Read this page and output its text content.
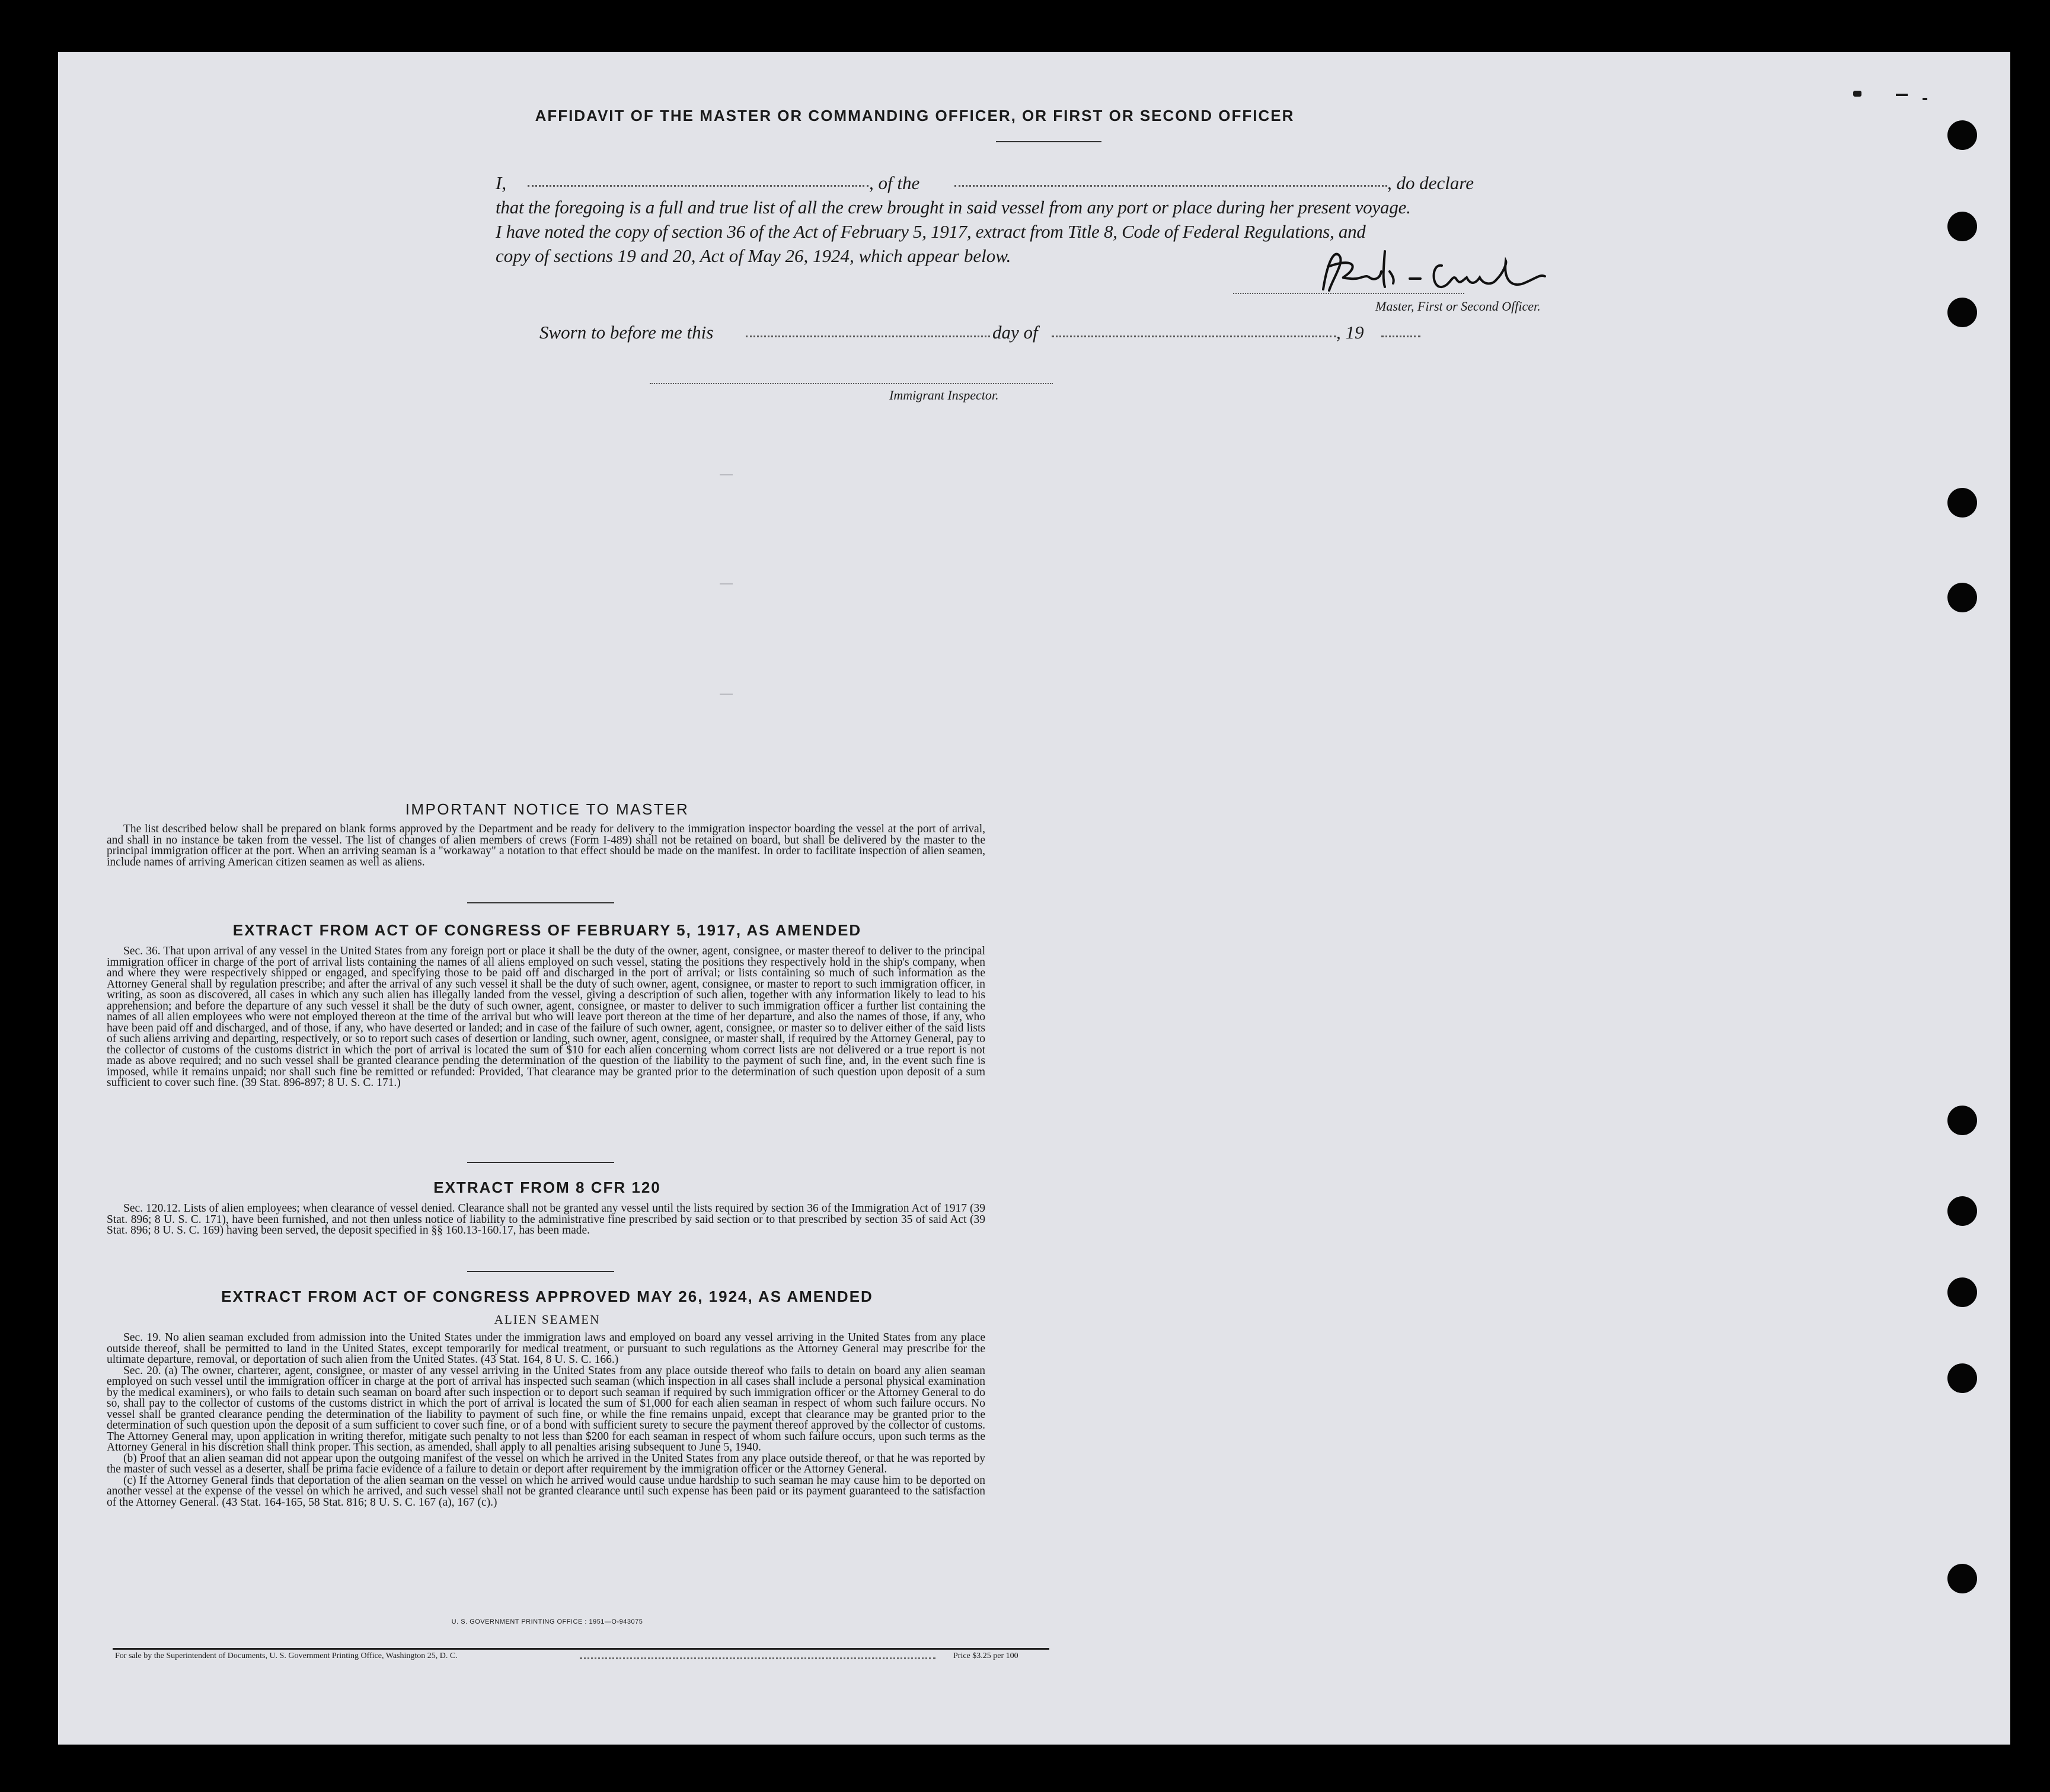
AFFIDAVIT OF THE MASTER OR COMMANDING OFFICER, OR FIRST OR SECOND OFFICER
I,	, of the	, do declare
that the foregoing is a full and true list of all the crew brought in said vessel from any port or place during her present voyage.
I have noted the copy of section 36 of the Act of February 5, 1917, extract from Title 8, Code of Federal Regulations, and
copy of sections 19 and 20, Act of May 26, 1924, which appear below.
Master, First or Second Officer.
Sworn to before me this	day of	, 19
Immigrant Inspector.
IMPORTANT NOTICE TO MASTER

The list described below shall be prepared on blank forms approved by the Department and be ready for delivery to the immigration inspector boarding the vessel at the port of arrival, and shall in no instance be taken from the vessel. The list of changes of alien members of crews (Form I-489) shall not be retained on board, but shall be delivered by the master to the principal immigration officer at the port. When an arriving seaman is a "workaway" a notation to that effect should be made on the manifest. In order to facilitate inspection of alien seamen, include names of arriving American citizen seamen as well as aliens.

EXTRACT FROM ACT OF CONGRESS OF FEBRUARY 5, 1917, AS AMENDED

Sec. 36. That upon arrival of any vessel in the United States from any foreign port or place it shall be the duty of the owner, agent, consignee, or master thereof to deliver to the principal immigration officer in charge of the port of arrival lists containing the names of all aliens employed on such vessel, stating the positions they respectively hold in the ship's company, when and where they were respectively shipped or engaged, and specifying those to be paid off and discharged in the port of arrival; or lists containing so much of such information as the Attorney General shall by regulation prescribe; and after the arrival of any such vessel it shall be the duty of such owner, agent, consignee, or master to report to such immigration officer, in writing, as soon as discovered, all cases in which any such alien has illegally landed from the vessel, giving a description of such alien, together with any information likely to lead to his apprehension; and before the departure of any such vessel it shall be the duty of such owner, agent, consignee, or master to deliver to such immigration officer a further list containing the names of all alien employees who were not employed thereon at the time of the arrival but who will leave port thereon at the time of her departure, and also the names of those, if any, who have been paid off and discharged, and of those, if any, who have deserted or landed; and in case of the failure of such owner, agent, consignee, or master so to deliver either of the said lists of such aliens arriving and departing, respectively, or so to report such cases of desertion or landing, such owner, agent, consignee, or master shall, if required by the Attorney General, pay to the collector of customs of the customs district in which the port of arrival is located the sum of $10 for each alien concerning whom correct lists are not delivered or a true report is not made as above required; and no such vessel shall be granted clearance pending the determination of the question of the liability to the payment of such fine, and, in the event such fine is imposed, while it remains unpaid; nor shall such fine be remitted or refunded: Provided, That clearance may be granted prior to the determination of such question upon deposit of a sum sufficient to cover such fine. (39 Stat. 896-897; 8 U. S. C. 171.)

EXTRACT FROM 8 CFR 120

Sec. 120.12. Lists of alien employees; when clearance of vessel denied. Clearance shall not be granted any vessel until the lists required by section 36 of the Immigration Act of 1917 (39 Stat. 896; 8 U. S. C. 171), have been furnished, and not then unless notice of liability to the administrative fine prescribed by said section or to that prescribed by section 35 of said Act (39 Stat. 896; 8 U. S. C. 169) having been served, the deposit specified in §§ 160.13-160.17, has been made.

EXTRACT FROM ACT OF CONGRESS APPROVED MAY 26, 1924, AS AMENDED
ALIEN SEAMEN

Sec. 19. No alien seaman excluded from admission into the United States under the immigration laws and employed on board any vessel arriving in the United States from any place outside thereof, shall be permitted to land in the United States, except temporarily for medical treatment, or pursuant to such regulations as the Attorney General may prescribe for the ultimate departure, removal, or deportation of such alien from the United States. (43 Stat. 164, 8 U. S. C. 166.)

Sec. 20. (a) The owner, charterer, agent, consignee, or master of any vessel arriving in the United States from any place outside thereof who fails to detain on board any alien seaman employed on such vessel until the immigration officer in charge at the port of arrival has inspected such seaman (which inspection in all cases shall include a personal physical examination by the medical examiners), or who fails to detain such seaman on board after such inspection or to deport such seaman if required by such immigration officer or the Attorney General to do so, shall pay to the collector of customs of the customs district in which the port of arrival is located the sum of $1,000 for each alien seaman in respect of whom such failure occurs. No vessel shall be granted clearance pending the determination of the liability to payment of such fine, or while the fine remains unpaid, except that clearance may be granted prior to the determination of such question upon the deposit of a sum sufficient to cover such fine, or of a bond with sufficient surety to secure the payment thereof approved by the collector of customs. The Attorney General may, upon application in writing therefor, mitigate such penalty to not less than $200 for each seaman in respect of whom such failure occurs, upon such terms as the Attorney General in his discretion shall think proper. This section, as amended, shall apply to all penalties arising subsequent to June 5, 1940.

(b) Proof that an alien seaman did not appear upon the outgoing manifest of the vessel on which he arrived in the United States from any place outside thereof, or that he was reported by the master of such vessel as a deserter, shall be prima facie evidence of a failure to detain or deport after requirement by the immigration officer or the Attorney General.

(c) If the Attorney General finds that deportation of the alien seaman on the vessel on which he arrived would cause undue hardship to such seaman he may cause him to be deported on another vessel at the expense of the vessel on which he arrived, and such vessel shall not be granted clearance until such expense has been paid or its payment guaranteed to the satisfaction of the Attorney General. (43 Stat. 164-165, 58 Stat. 816; 8 U. S. C. 167 (a), 167 (c).)

U. S. GOVERNMENT PRINTING OFFICE : 1951—O-943075
For sale by the Superintendent of Documents, U. S. Government Printing Office, Washington 25, D. C.	Price $3.25 per 100
